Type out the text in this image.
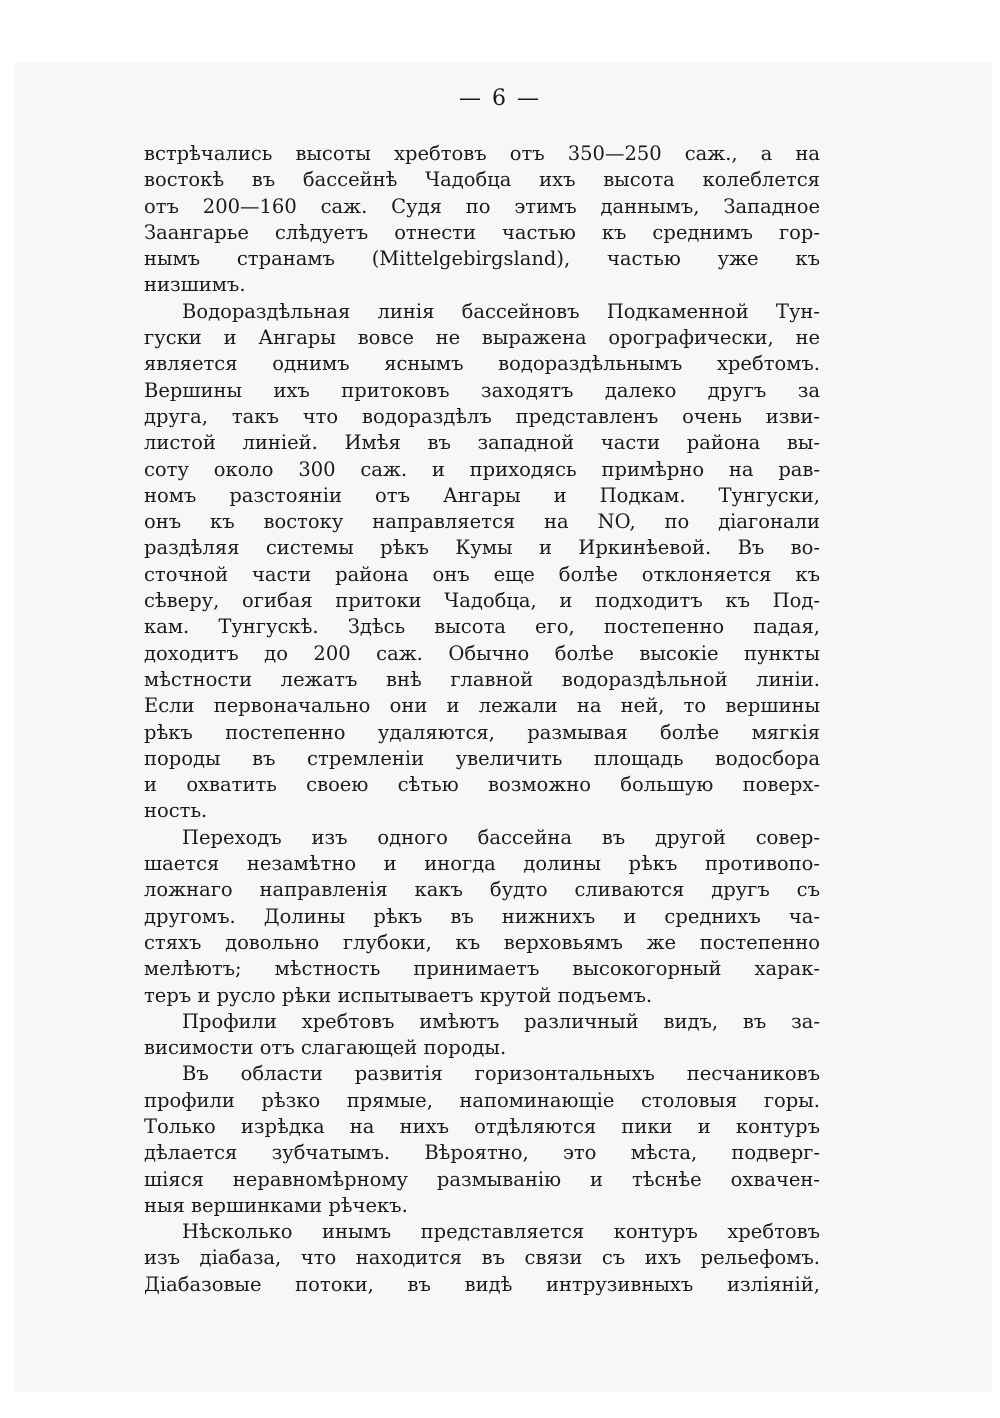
— 6 —
встрѣчались высоты хребтовъ отъ 350—250 саж., а на
востокѣ въ бассейнѣ Чадобца ихъ высота колеблется
отъ 200—160 саж. Судя по этимъ даннымъ, Западное
Заангарье слѣдуетъ отнести частью къ среднимъ гор-
нымъ странамъ (Mittelgebirgsland), частью уже къ
низшимъ.
Водораздѣльная линія бассейновъ Подкаменной Тун-
гуски и Ангары вовсе не выражена орографически, не
является однимъ яснымъ водораздѣльнымъ хребтомъ.
Вершины ихъ притоковъ заходятъ далеко другъ за
друга, такъ что водораздѣлъ представленъ очень изви-
листой линіей. Имѣя въ западной части района вы-
соту около 300 саж. и приходясь примѣрно на рав-
номъ разстояніи отъ Ангары и Подкам. Тунгуски,
онъ къ востоку направляется на NO, по діагонали
раздѣляя системы рѣкъ Кумы и Иркинѣевой. Въ во-
сточной части района онъ еще болѣе отклоняется къ
сѣверу, огибая притоки Чадобца, и подходитъ къ Под-
кам. Тунгускѣ. Здѣсь высота его, постепенно падая,
доходитъ до 200 саж. Обычно болѣе высокіе пункты
мѣстности лежатъ внѣ главной водораздѣльной линіи.
Если первоначально они и лежали на ней, то вершины
рѣкъ постепенно удаляются, размывая болѣе мягкія
породы въ стремленіи увеличить площадь водосбора
и охватить своею сѣтью возможно большую поверх-
ность.
Переходъ изъ одного бассейна въ другой совер-
шается незамѣтно и иногда долины рѣкъ противопо-
ложнаго направленія какъ будто сливаются другъ съ
другомъ. Долины рѣкъ въ нижнихъ и среднихъ ча-
стяхъ довольно глубоки, къ верховьямъ же постепенно
мелѣютъ; мѣстность принимаетъ высокогорный харак-
теръ и русло рѣки испытываетъ крутой подъемъ.
Профили хребтовъ имѣютъ различный видъ, въ за-
висимости отъ слагающей породы.
Въ области развитія горизонтальныхъ песчаниковъ
профили рѣзко прямые, напоминающіе столовыя горы.
Только изрѣдка на нихъ отдѣляются пики и контуръ
дѣлается зубчатымъ. Вѣроятно, это мѣста, подверг-
шіяся неравномѣрному размыванію и тѣснѣе охвачен-
ныя вершинками рѣчекъ.
Нѣсколько инымъ представляется контуръ хребтовъ
изъ діабаза, что находится въ связи съ ихъ рельефомъ.
Діабазовые потоки, въ видѣ интрузивныхъ изліяній,
